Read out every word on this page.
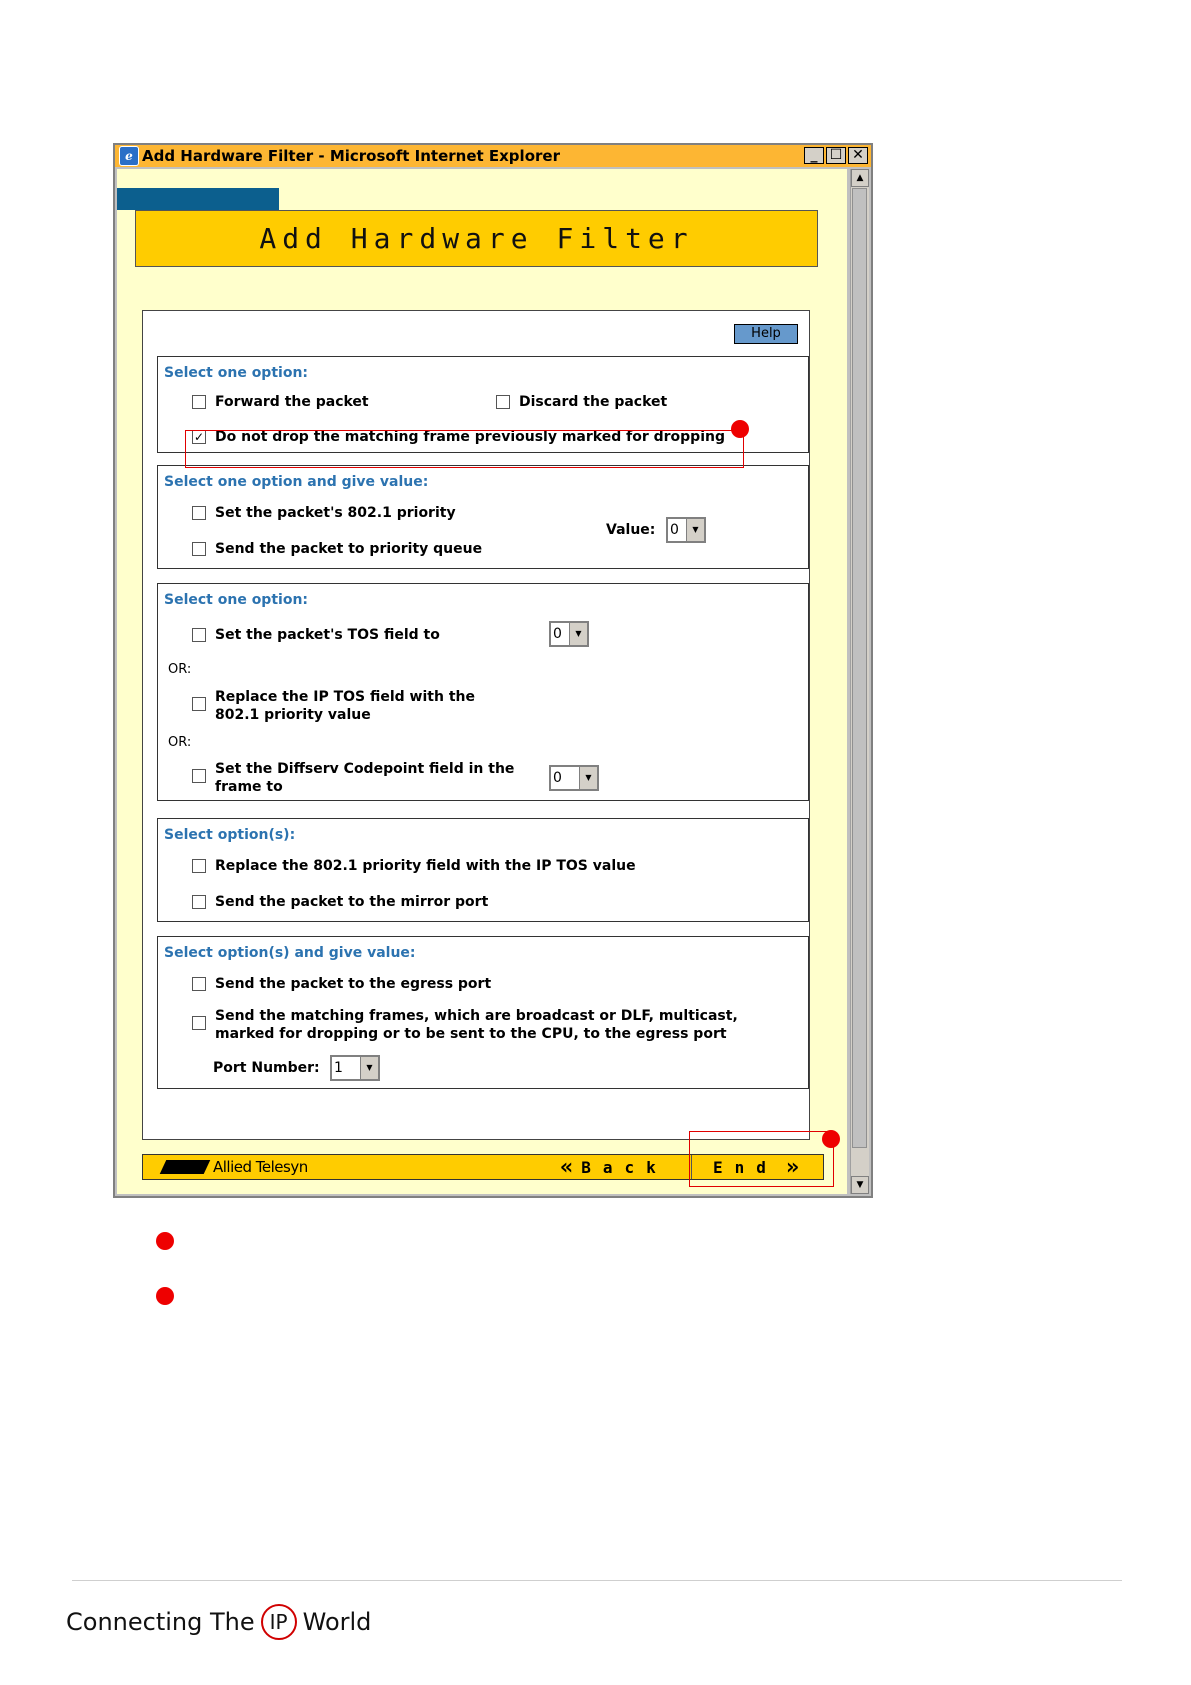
e Add Hardware Filter - Microsoft Internet Explorer	_ ☐ ✕
Add Hardware Filter
Help
Select one option:
Forward the packet	Discard the packet
✓ Do not drop the matching frame previously marked for dropping
Select one option and give value:
Set the packet's 802.1 priority
Send the packet to priority queue
Value: 0	▼
Select one option:
Set the packet's TOS field to	0	▼
OR:
Replace the IP TOS field with the
802.1 priority value
OR:
Set the Diffserv Codepoint field in the
frame to
0	▼
Select option(s):
Replace the 802.1 priority field with the IP TOS value
Send the packet to the mirror port
Select option(s) and give value:
Send the packet to the egress port
Send the matching frames, which are broadcast or DLF, multicast,
marked for dropping or to be sent to the CPU, to the egress port
Port Number: 1	▼
Allied Telesyn	« Back	End »
▲
▼
Connecting The IP World
